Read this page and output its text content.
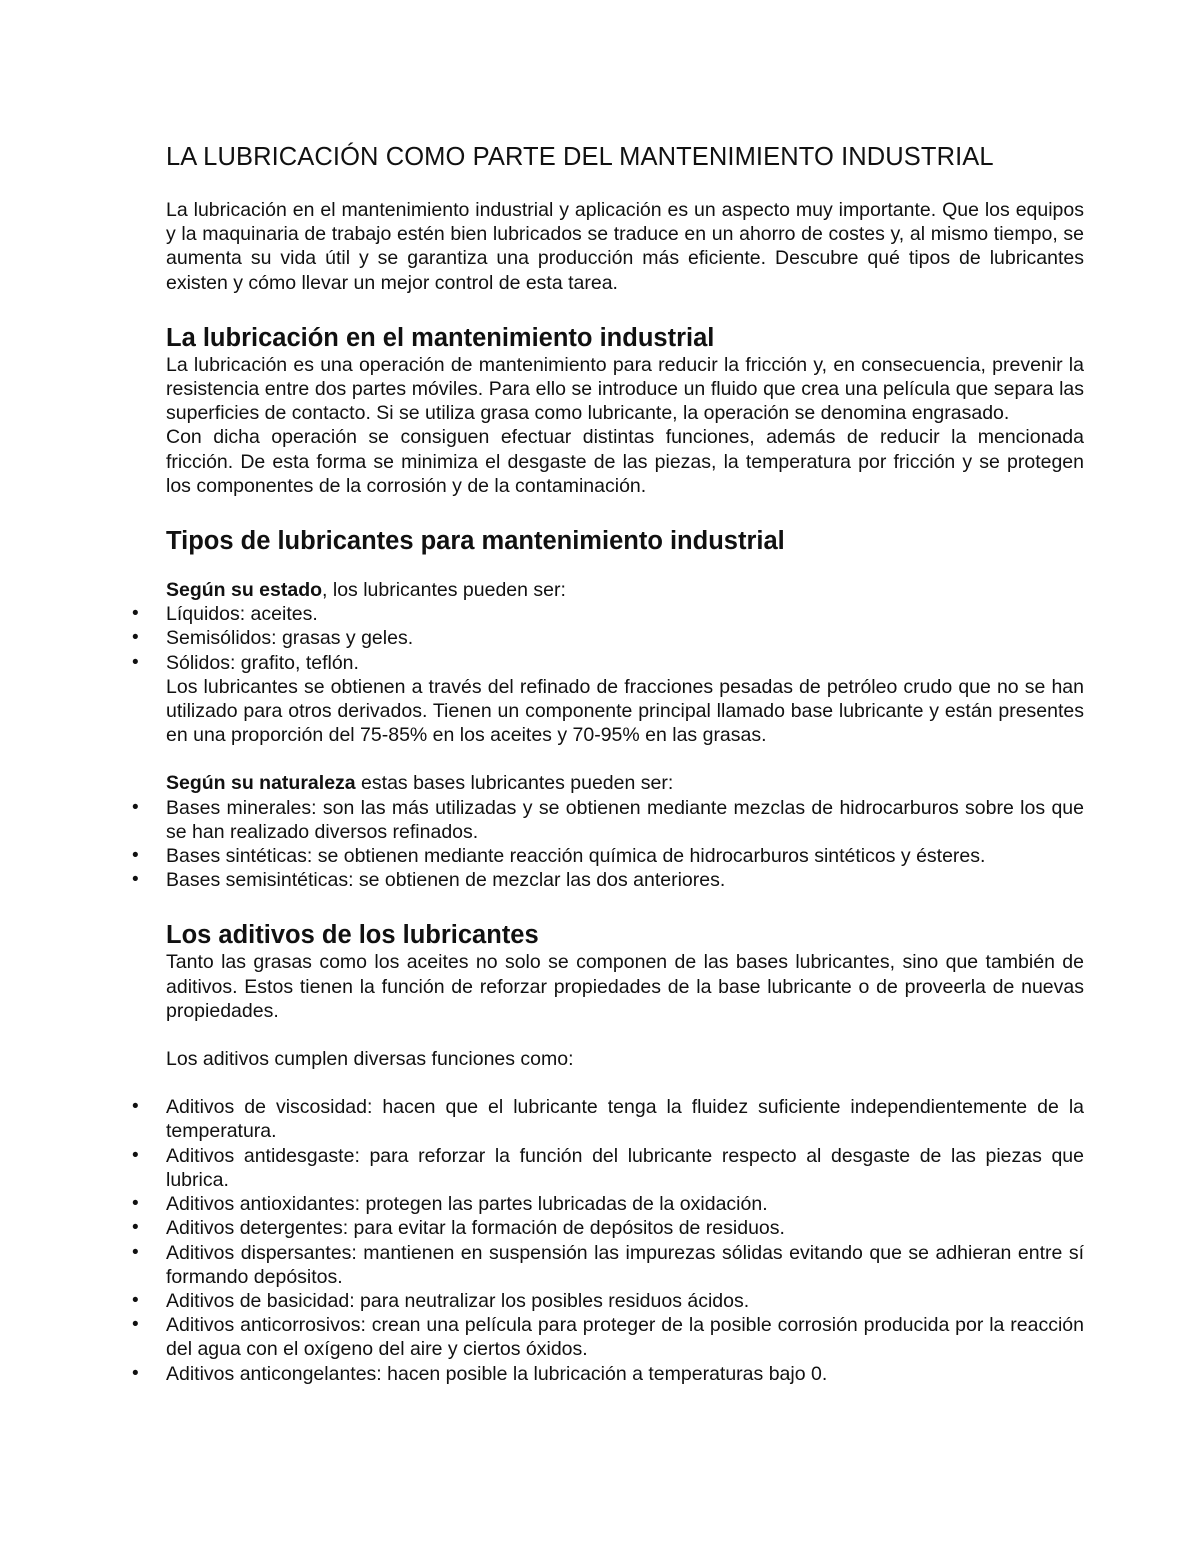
LA LUBRICACIÓN COMO PARTE DEL MANTENIMIENTO INDUSTRIAL

La lubricación en el mantenimiento industrial y aplicación es un aspecto muy importante. Que los equipos y la maquinaria de trabajo estén bien lubricados se traduce en un ahorro de costes y, al mismo tiempo, se aumenta su vida útil y se garantiza una producción más eficiente. Descubre qué tipos de lubricantes existen y cómo llevar un mejor control de esta tarea.

La lubricación en el mantenimiento industrial

La lubricación es una operación de mantenimiento para reducir la fricción y, en consecuencia, prevenir la resistencia entre dos partes móviles. Para ello se introduce un fluido que crea una película que separa las superficies de contacto. Si se utiliza grasa como lubricante, la operación se denomina engrasado.

Con dicha operación se consiguen efectuar distintas funciones, además de reducir la mencionada fricción. De esta forma se minimiza el desgaste de las piezas, la temperatura por fricción y se protegen los componentes de la corrosión y de la contaminación.

Tipos de lubricantes para mantenimiento industrial

Según su estado, los lubricantes pueden ser:

• Líquidos: aceites.
• Semisólidos: grasas y geles.
• Sólidos: grafito, teflón.

Los lubricantes se obtienen a través del refinado de fracciones pesadas de petróleo crudo que no se han utilizado para otros derivados. Tienen un componente principal llamado base lubricante y están presentes en una proporción del 75-85% en los aceites y 70-95% en las grasas.

Según su naturaleza estas bases lubricantes pueden ser:

• Bases minerales: son las más utilizadas y se obtienen mediante mezclas de hidrocarburos sobre los que se han realizado diversos refinados.
• Bases sintéticas: se obtienen mediante reacción química de hidrocarburos sintéticos y ésteres.
• Bases semisintéticas: se obtienen de mezclar las dos anteriores.
Los aditivos de los lubricantes

Tanto las grasas como los aceites no solo se componen de las bases lubricantes, sino que también de aditivos. Estos tienen la función de reforzar propiedades de la base lubricante o de proveerla de nuevas propiedades.

Los aditivos cumplen diversas funciones como:

• Aditivos de viscosidad: hacen que el lubricante tenga la fluidez suficiente independientemente de la temperatura.
• Aditivos antidesgaste: para reforzar la función del lubricante respecto al desgaste de las piezas que lubrica.
• Aditivos antioxidantes: protegen las partes lubricadas de la oxidación.
• Aditivos detergentes: para evitar la formación de depósitos de residuos.
• Aditivos dispersantes: mantienen en suspensión las impurezas sólidas evitando que se adhieran entre sí formando depósitos.
• Aditivos de basicidad: para neutralizar los posibles residuos ácidos.
• Aditivos anticorrosivos: crean una película para proteger de la posible corrosión producida por la reacción del agua con el oxígeno del aire y ciertos óxidos.
• Aditivos anticongelantes: hacen posible la lubricación a temperaturas bajo 0.
